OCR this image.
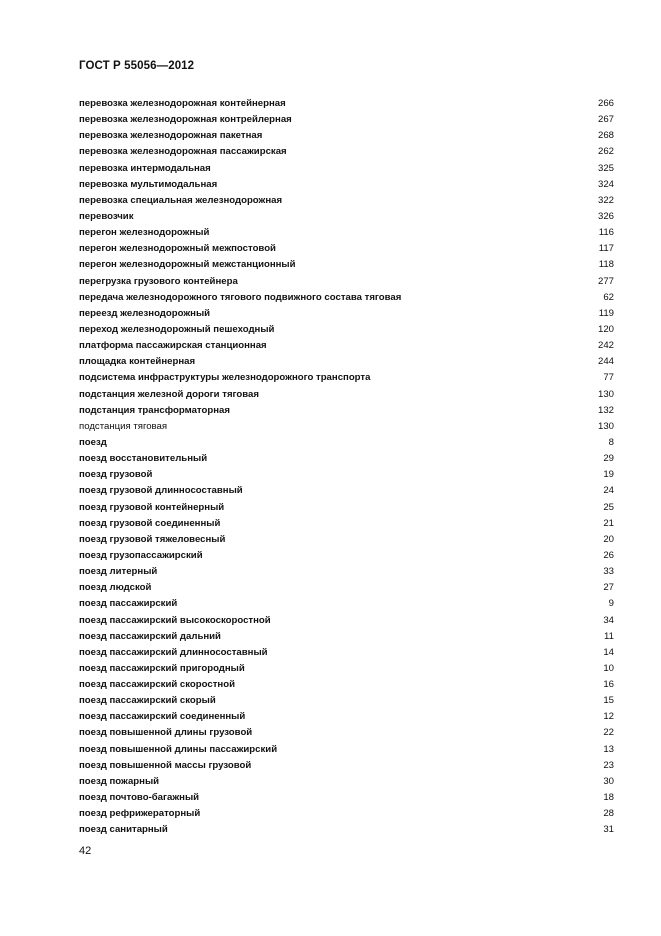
ГОСТ Р 55056—2012
перевозка железнодорожная контейнерная	266
перевозка железнодорожная контрейлерная	267
перевозка железнодорожная пакетная	268
перевозка железнодорожная пассажирская	262
перевозка интермодальная	325
перевозка мультимодальная	324
перевозка специальная железнодорожная	322
перевозчик	326
перегон железнодорожный	116
перегон железнодорожный межпостовой	117
перегон железнодорожный межстанционный	118
перегрузка грузового контейнера	277
передача железнодорожного тягового подвижного состава тяговая	62
переезд железнодорожный	119
переход железнодорожный пешеходный	120
платформа пассажирская станционная	242
площадка контейнерная	244
подсистема инфраструктуры железнодорожного транспорта	77
подстанция железной дороги тяговая	130
подстанция трансформаторная	132
подстанция тяговая	130
поезд	8
поезд восстановительный	29
поезд грузовой	19
поезд грузовой длинносоставный	24
поезд грузовой контейнерный	25
поезд грузовой соединенный	21
поезд грузовой тяжеловесный	20
поезд грузопассажирский	26
поезд литерный	33
поезд людской	27
поезд пассажирский	9
поезд пассажирский высокоскоростной	34
поезд пассажирский дальний	11
поезд пассажирский длинносоставный	14
поезд пассажирский пригородный	10
поезд пассажирский скоростной	16
поезд пассажирский скорый	15
поезд пассажирский соединенный	12
поезд повышенной длины грузовой	22
поезд повышенной длины пассажирский	13
поезд повышенной массы грузовой	23
поезд пожарный	30
поезд почтово-багажный	18
поезд рефрижераторный	28
поезд санитарный	31
42
